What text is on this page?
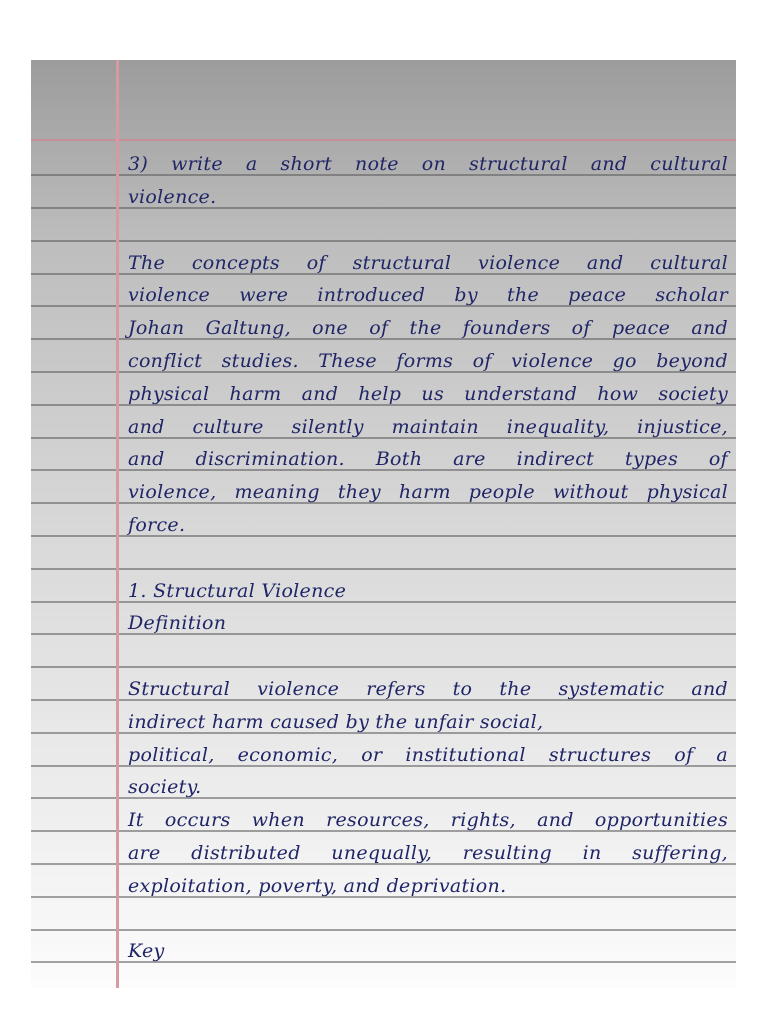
3) write a short note on structural and cultural

violence.

The concepts of structural violence and cultural

violence were introduced by the peace scholar

Johan Galtung, one of the founders of peace and

conflict studies. These forms of violence go beyond

physical harm and help us understand how society

and culture silently maintain inequality, injustice,

and discrimination. Both are indirect types of

violence, meaning they harm people without physical

force.

1. Structural Violence

Definition

Structural violence refers to the systematic and

indirect harm caused by the unfair social,

political, economic, or institutional structures of a

society.

It occurs when resources, rights, and opportunities

are distributed unequally, resulting in suffering,

exploitation, poverty, and deprivation.

Key
